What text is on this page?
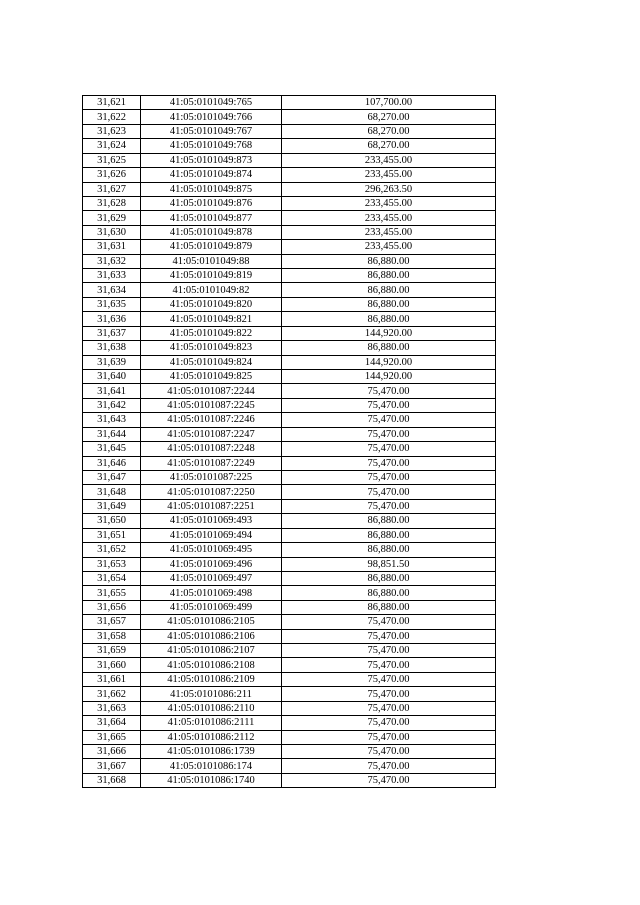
31,621	41:05:0101049:765	107,700.00
31,622	41:05:0101049:766	68,270.00
31,623	41:05:0101049:767	68,270.00
31,624	41:05:0101049:768	68,270.00
31,625	41:05:0101049:873	233,455.00
31,626	41:05:0101049:874	233,455.00
31,627	41:05:0101049:875	296,263.50
31,628	41:05:0101049:876	233,455.00
31,629	41:05:0101049:877	233,455.00
31,630	41:05:0101049:878	233,455.00
31,631	41:05:0101049:879	233,455.00
31,632	41:05:0101049:88	86,880.00
31,633	41:05:0101049:819	86,880.00
31,634	41:05:0101049:82	86,880.00
31,635	41:05:0101049:820	86,880.00
31,636	41:05:0101049:821	86,880.00
31,637	41:05:0101049:822	144,920.00
31,638	41:05:0101049:823	86,880.00
31,639	41:05:0101049:824	144,920.00
31,640	41:05:0101049:825	144,920.00
31,641	41:05:0101087:2244	75,470.00
31,642	41:05:0101087:2245	75,470.00
31,643	41:05:0101087:2246	75,470.00
31,644	41:05:0101087:2247	75,470.00
31,645	41:05:0101087:2248	75,470.00
31,646	41:05:0101087:2249	75,470.00
31,647	41:05:0101087:225	75,470.00
31,648	41:05:0101087:2250	75,470.00
31,649	41:05:0101087:2251	75,470.00
31,650	41:05:0101069:493	86,880.00
31,651	41:05:0101069:494	86,880.00
31,652	41:05:0101069:495	86,880.00
31,653	41:05:0101069:496	98,851.50
31,654	41:05:0101069:497	86,880.00
31,655	41:05:0101069:498	86,880.00
31,656	41:05:0101069:499	86,880.00
31,657	41:05:0101086:2105	75,470.00
31,658	41:05:0101086:2106	75,470.00
31,659	41:05:0101086:2107	75,470.00
31,660	41:05:0101086:2108	75,470.00
31,661	41:05:0101086:2109	75,470.00
31,662	41:05:0101086:211	75,470.00
31,663	41:05:0101086:2110	75,470.00
31,664	41:05:0101086:2111	75,470.00
31,665	41:05:0101086:2112	75,470.00
31,666	41:05:0101086:1739	75,470.00
31,667	41:05:0101086:174	75,470.00
31,668	41:05:0101086:1740	75,470.00
